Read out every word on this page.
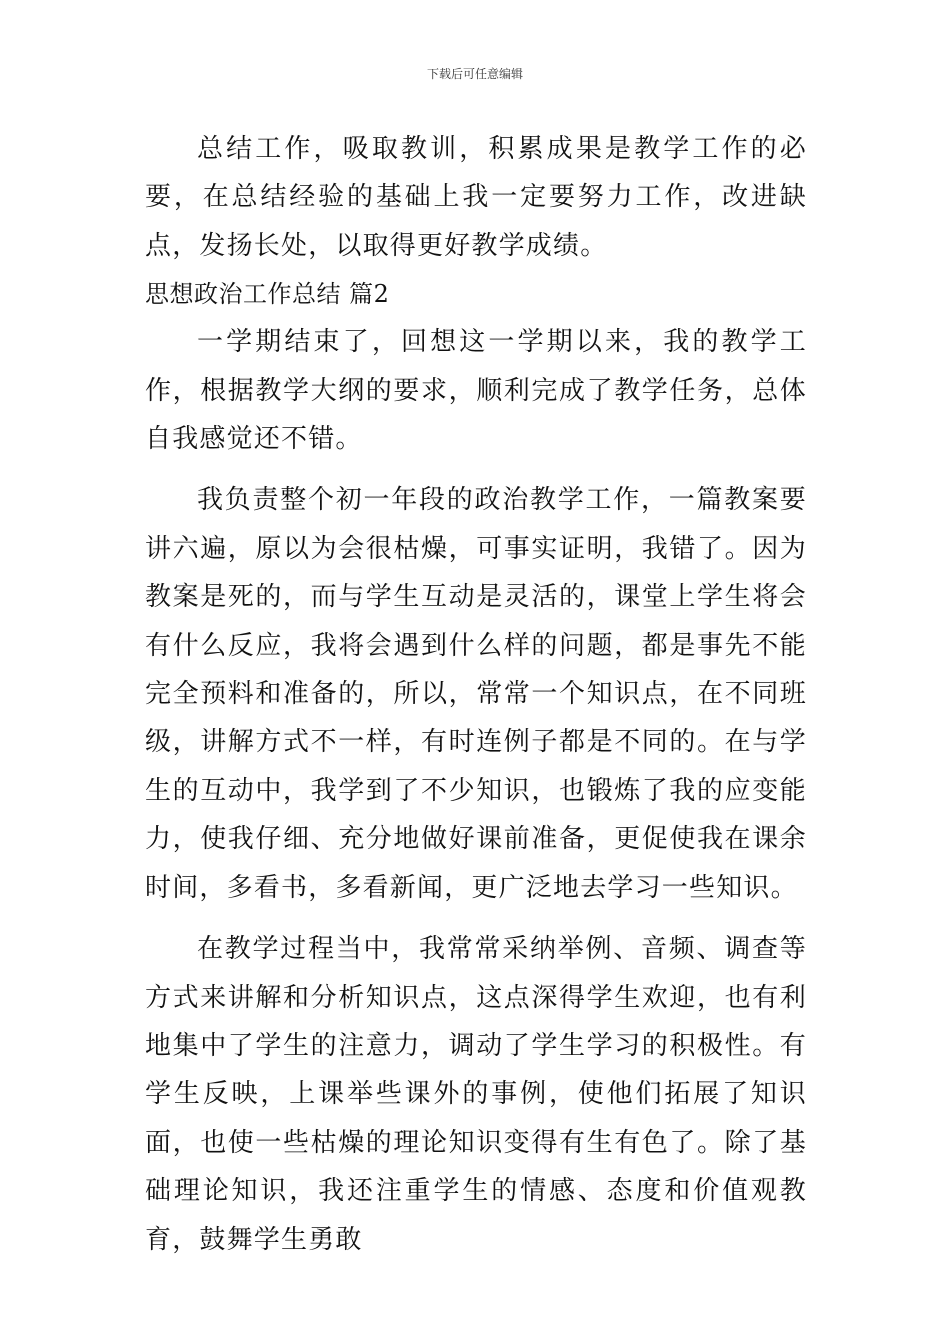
下载后可任意编辑

总结工作，吸取教训，积累成果是教学工作的必要，在总结经验的基础上我一定要努力工作，改进缺点，发扬长处，以取得更好教学成绩。

思想政治工作总结 篇2

一学期结束了，回想这一学期以来，我的教学工作，根据教学大纲的要求，顺利完成了教学任务，总体自我感觉还不错。

我负责整个初一年段的政治教学工作，一篇教案要讲六遍，原以为会很枯燥，可事实证明，我错了。因为教案是死的，而与学生互动是灵活的，课堂上学生将会有什么反应，我将会遇到什么样的问题，都是事先不能完全预料和准备的，所以，常常一个知识点，在不同班级，讲解方式不一样，有时连例子都是不同的。在与学生的互动中，我学到了不少知识，也锻炼了我的应变能力，使我仔细、充分地做好课前准备，更促使我在课余时间，多看书，多看新闻，更广泛地去学习一些知识。

在教学过程当中，我常常采纳举例、音频、调查等方式来讲解和分析知识点，这点深得学生欢迎，也有利地集中了学生的注意力，调动了学生学习的积极性。有学生反映，上课举些课外的事例，使他们拓展了知识面，也使一些枯燥的理论知识变得有生有色了。除了基础理论知识，我还注重学生的情感、态度和价值观教育，鼓舞学生勇敢
